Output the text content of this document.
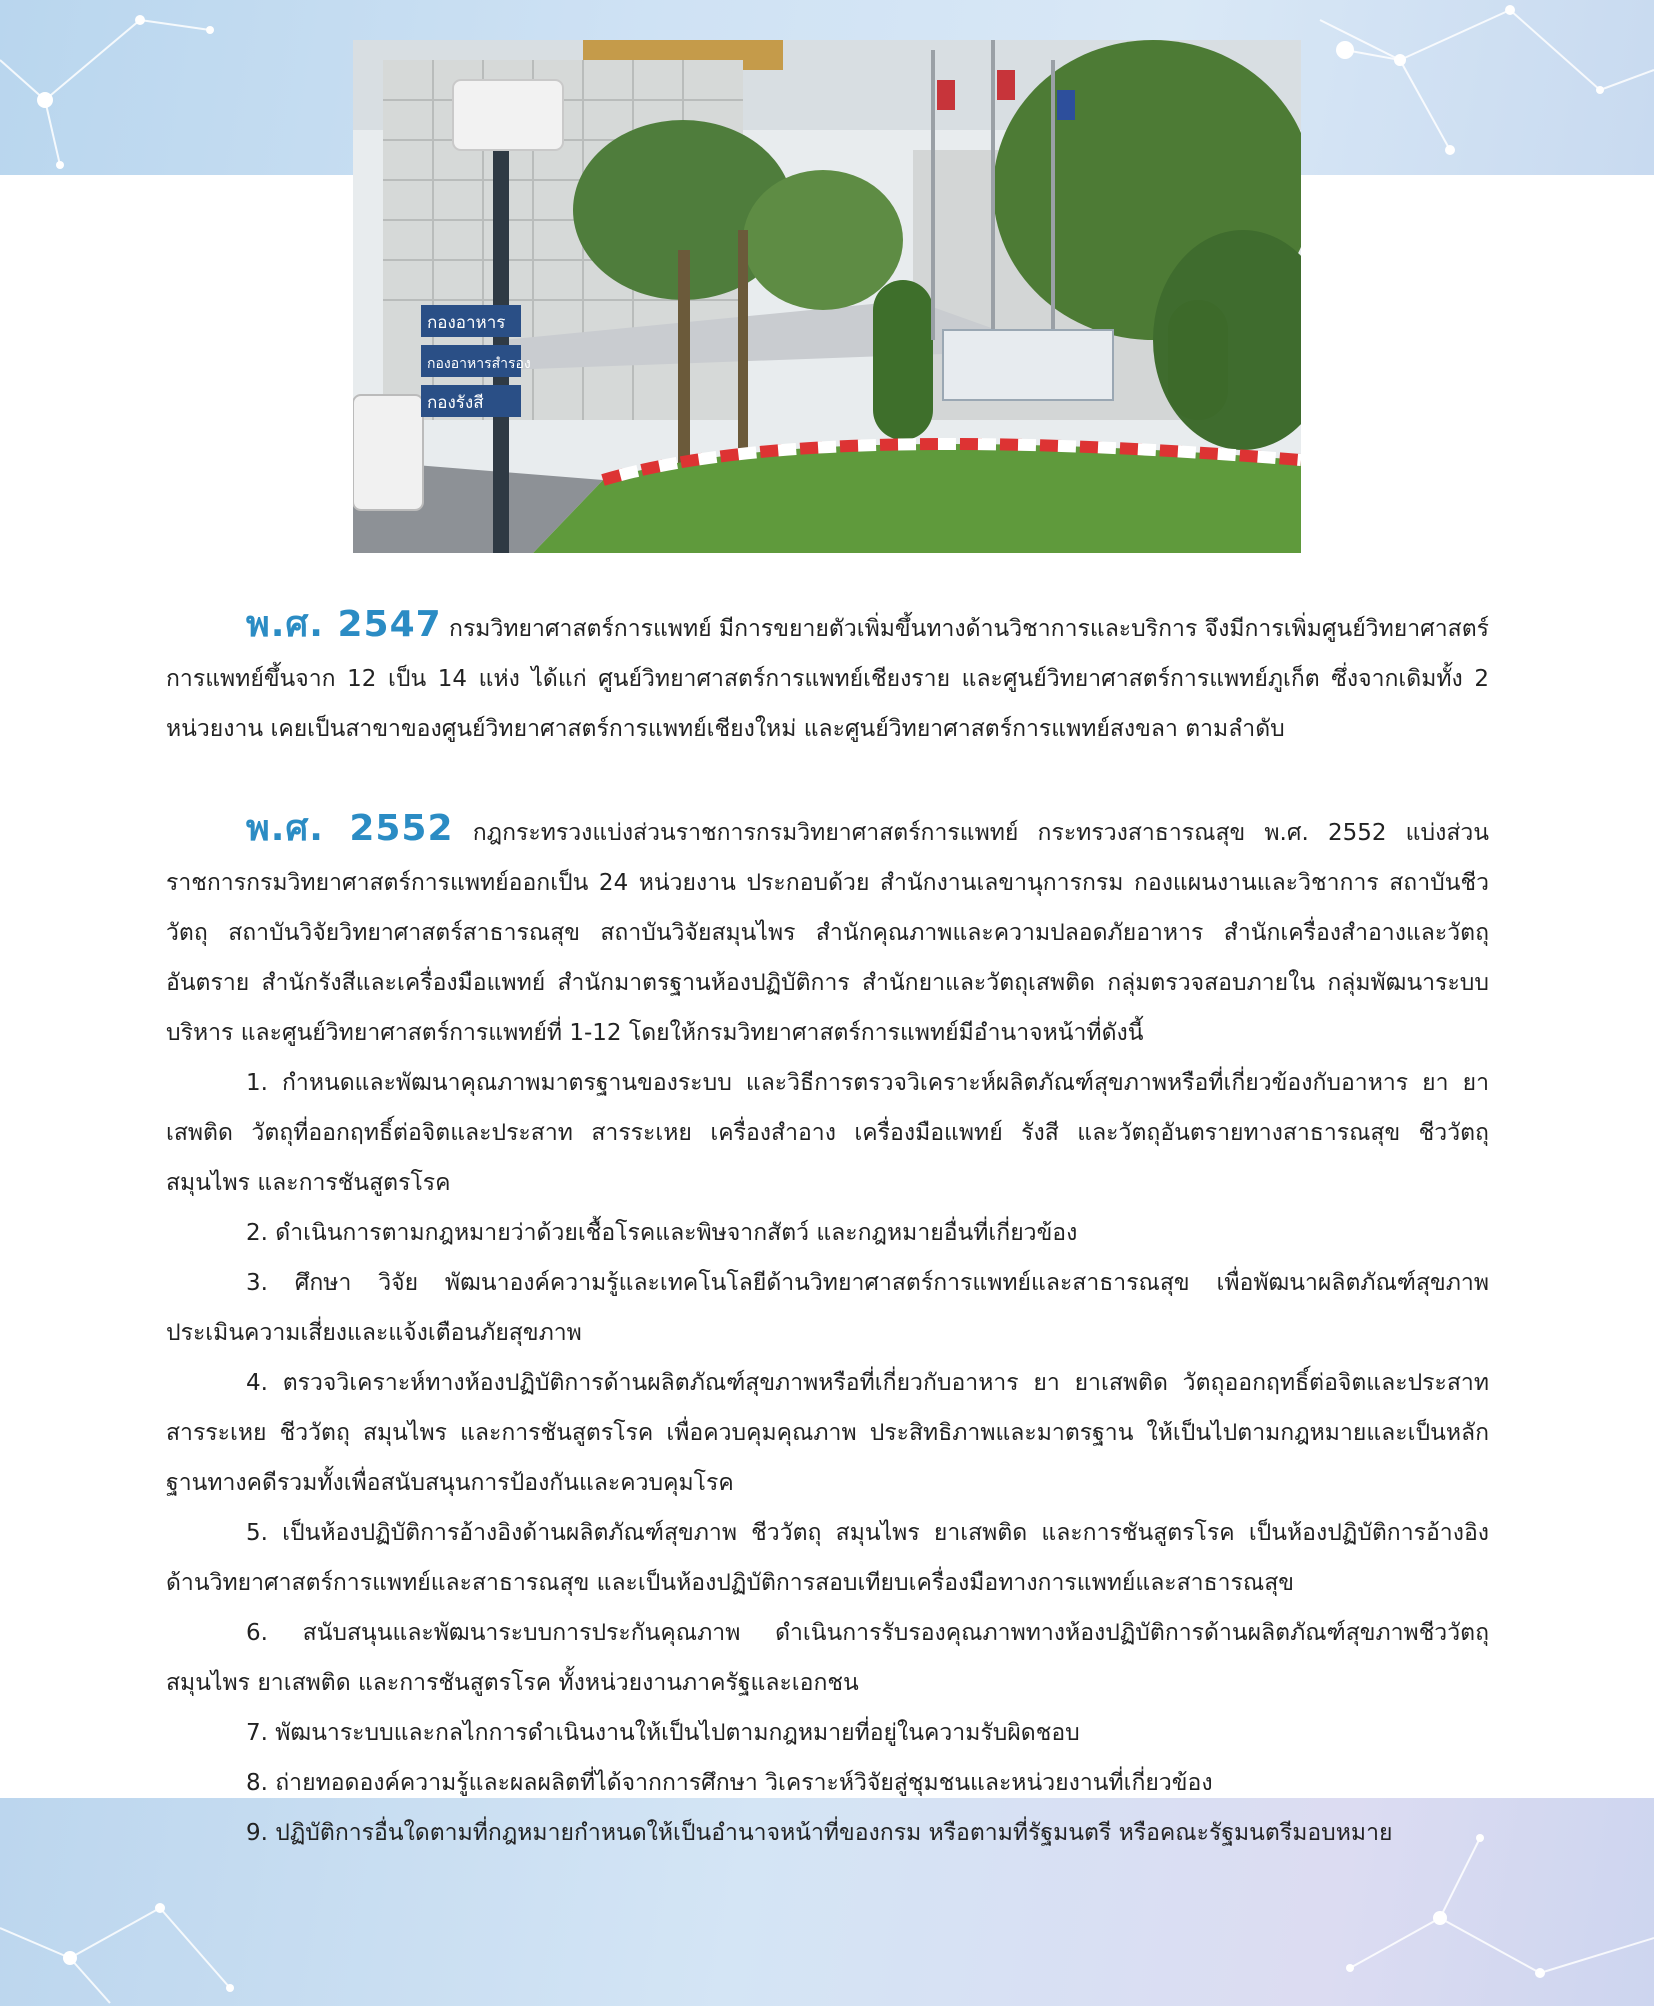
กองอาหาร
กองอาหารสำรอง
กองรังสี

พ.ศ. 2547 กรมวิทยาศาสตร์การแพทย์ มีการขยายตัวเพิ่มขึ้นทางด้านวิชาการและบริการ จึงมีการเพิ่มศูนย์วิทยาศาสตร์การแพทย์ขึ้นจาก 12 เป็น 14 แห่ง ได้แก่ ศูนย์วิทยาศาสตร์การแพทย์เชียงราย และศูนย์วิทยาศาสตร์การแพทย์ภูเก็ต ซึ่งจากเดิมทั้ง 2 หน่วยงาน เคยเป็นสาขาของศูนย์วิทยาศาสตร์การแพทย์เชียงใหม่ และศูนย์วิทยาศาสตร์การแพทย์สงขลา ตามลำดับ

พ.ศ. 2552 กฎกระทรวงแบ่งส่วนราชการกรมวิทยาศาสตร์การแพทย์ กระทรวงสาธารณสุข พ.ศ. 2552 แบ่งส่วนราชการกรมวิทยาศาสตร์การแพทย์ออกเป็น 24 หน่วยงาน ประกอบด้วย สำนักงานเลขานุการกรม กองแผนงานและวิชาการ สถาบันชีววัตถุ สถาบันวิจัยวิทยาศาสตร์สาธารณสุข สถาบันวิจัยสมุนไพร สำนักคุณภาพและความปลอดภัยอาหาร สำนักเครื่องสำอางและวัตถุอันตราย สำนักรังสีและเครื่องมือแพทย์ สำนักมาตรฐานห้องปฏิบัติการ สำนักยาและวัตถุเสพติด กลุ่มตรวจสอบภายใน กลุ่มพัฒนาระบบบริหาร และศูนย์วิทยาศาสตร์การแพทย์ที่ 1-12 โดยให้กรมวิทยาศาสตร์การแพทย์มีอำนาจหน้าที่ดังนี้

1. กำหนดและพัฒนาคุณภาพมาตรฐานของระบบ และวิธีการตรวจวิเคราะห์ผลิตภัณฑ์สุขภาพหรือที่เกี่ยวข้องกับอาหาร ยา ยาเสพติด วัตถุที่ออกฤทธิ์ต่อจิตและประสาท สารระเหย เครื่องสำอาง เครื่องมือแพทย์ รังสี และวัตถุอันตรายทางสาธารณสุข ชีววัตถุ สมุนไพร และการชันสูตรโรค

2. ดำเนินการตามกฎหมายว่าด้วยเชื้อโรคและพิษจากสัตว์ และกฎหมายอื่นที่เกี่ยวข้อง

3. ศึกษา วิจัย พัฒนาองค์ความรู้และเทคโนโลยีด้านวิทยาศาสตร์การแพทย์และสาธารณสุข เพื่อพัฒนาผลิตภัณฑ์สุขภาพ ประเมินความเสี่ยงและแจ้งเตือนภัยสุขภาพ

4. ตรวจวิเคราะห์ทางห้องปฏิบัติการด้านผลิตภัณฑ์สุขภาพหรือที่เกี่ยวกับอาหาร ยา ยาเสพติด วัตถุออกฤทธิ์ต่อจิตและประสาท สารระเหย ชีววัตถุ สมุนไพร และการชันสูตรโรค เพื่อควบคุมคุณภาพ ประสิทธิภาพและมาตรฐาน ให้เป็นไปตามกฎหมายและเป็นหลักฐานทางคดีรวมทั้งเพื่อสนับสนุนการป้องกันและควบคุมโรค

5. เป็นห้องปฏิบัติการอ้างอิงด้านผลิตภัณฑ์สุขภาพ ชีววัตถุ สมุนไพร ยาเสพติด และการชันสูตรโรค เป็นห้องปฏิบัติการอ้างอิงด้านวิทยาศาสตร์การแพทย์และสาธารณสุข และเป็นห้องปฏิบัติการสอบเทียบเครื่องมือทางการแพทย์และสาธารณสุข

6. สนับสนุนและพัฒนาระบบการประกันคุณภาพ ดำเนินการรับรองคุณภาพทางห้องปฏิบัติการด้านผลิตภัณฑ์สุขภาพชีววัตถุ สมุนไพร ยาเสพติด และการชันสูตรโรค ทั้งหน่วยงานภาครัฐและเอกชน

7. พัฒนาระบบและกลไกการดำเนินงานให้เป็นไปตามกฎหมายที่อยู่ในความรับผิดชอบ

8. ถ่ายทอดองค์ความรู้และผลผลิตที่ได้จากการศึกษา วิเคราะห์วิจัยสู่ชุมชนและหน่วยงานที่เกี่ยวข้อง

9. ปฏิบัติการอื่นใดตามที่กฎหมายกำหนดให้เป็นอำนาจหน้าที่ของกรม หรือตามที่รัฐมนตรี หรือคณะรัฐมนตรีมอบหมาย
